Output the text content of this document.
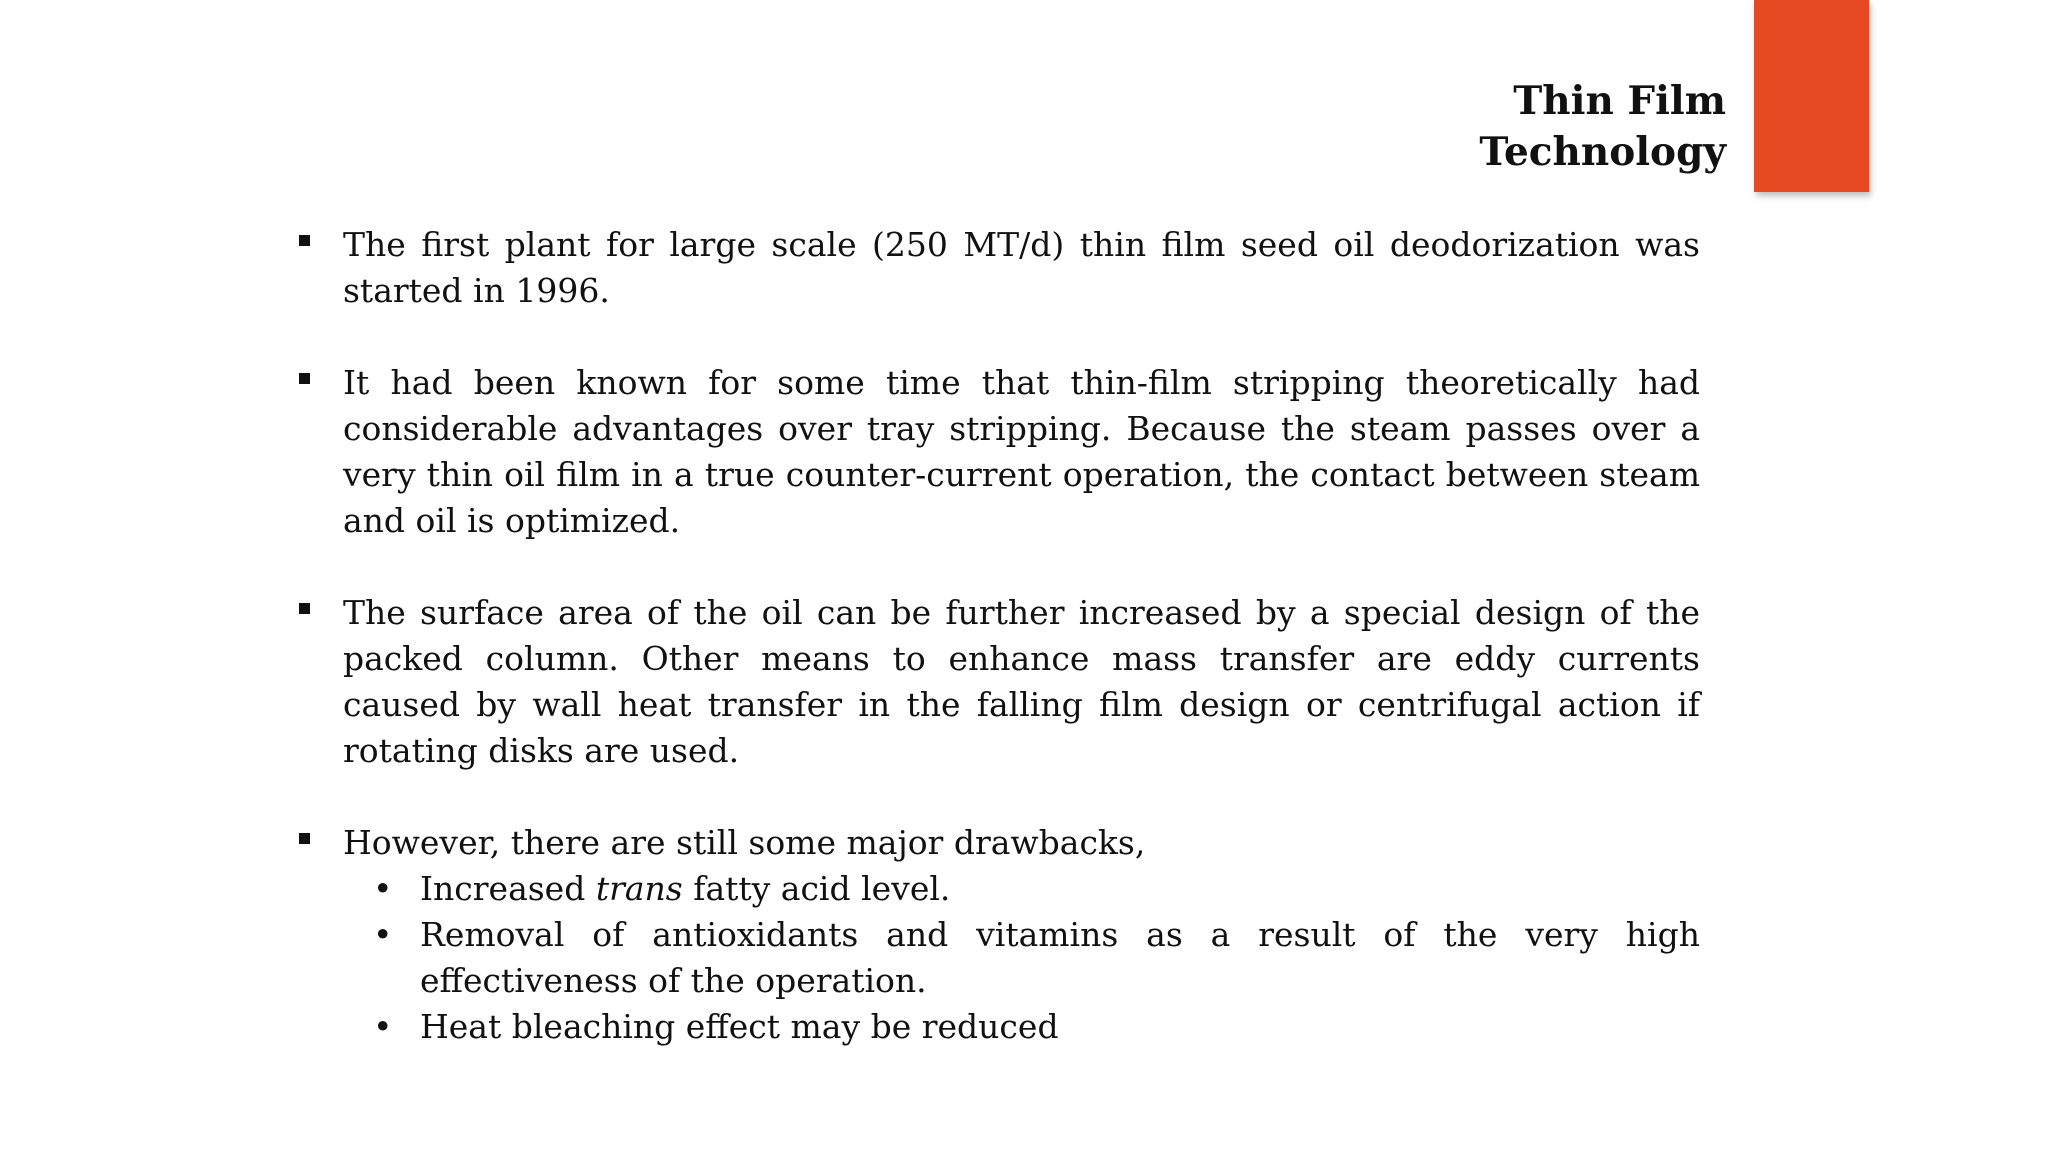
Thin Film
Technology
The first plant for large scale (250 MT/d) thin film seed oil deodorization was started in 1996.
It had been known for some time that thin-film stripping theoretically had considerable advantages over tray stripping. Because the steam passes over a very thin oil film in a true counter-current operation, the contact between steam and oil is optimized.
The surface area of the oil can be further increased by a special design of the packed column. Other means to enhance mass transfer are eddy currents caused by wall heat transfer in the falling film design or centrifugal action if rotating disks are used.
However, there are still some major drawbacks,
• Increased trans fatty acid level.
• Removal of antioxidants and vitamins as a result of the very high effectiveness of the operation.
• Heat bleaching effect may be reduced
